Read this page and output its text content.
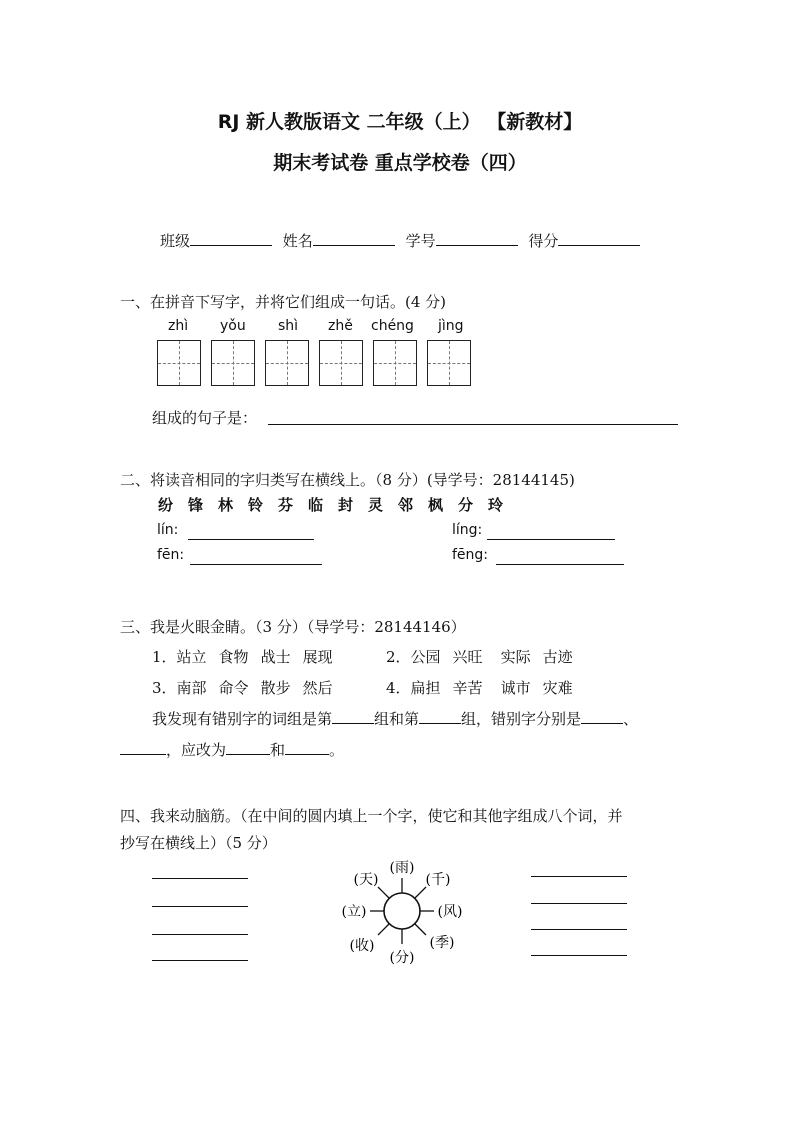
RJ 新人教版语文 二年级（上） 【新教材】
期末考试卷 重点学校卷（四）
班级	姓名	学号	得分
一、在拼音下写字，并将它们组成一句话。(4 分)
zhì yǒu shì zhě chéng jìng
组成的句子是：
二、将读音相同的字归类写在横线上。（8 分）(导学号：28144145)
纷 锋 林 铃 芬 临 封 灵 邻 枫 分 玲
lín:	líng:
fēn:	fēng:
三、我是火眼金睛。（3 分）（导学号：28144146）
1．站立 食物 战士 展现	2．公园 兴旺 实际 古迹
3．南部 命令 散步 然后	4．扁担 辛苦 诚市 灾难
我发现有错别字的词组是第	组和第	组，错别字分别是	、
，应改为	和	。
四、我来动脑筋。（在中间的圆内填上一个字，使它和其他字组成八个词，并
抄写在横线上）（5 分）
(雨)
(天)	(千)
(立)	(风)
(收)	(季)
(分)
